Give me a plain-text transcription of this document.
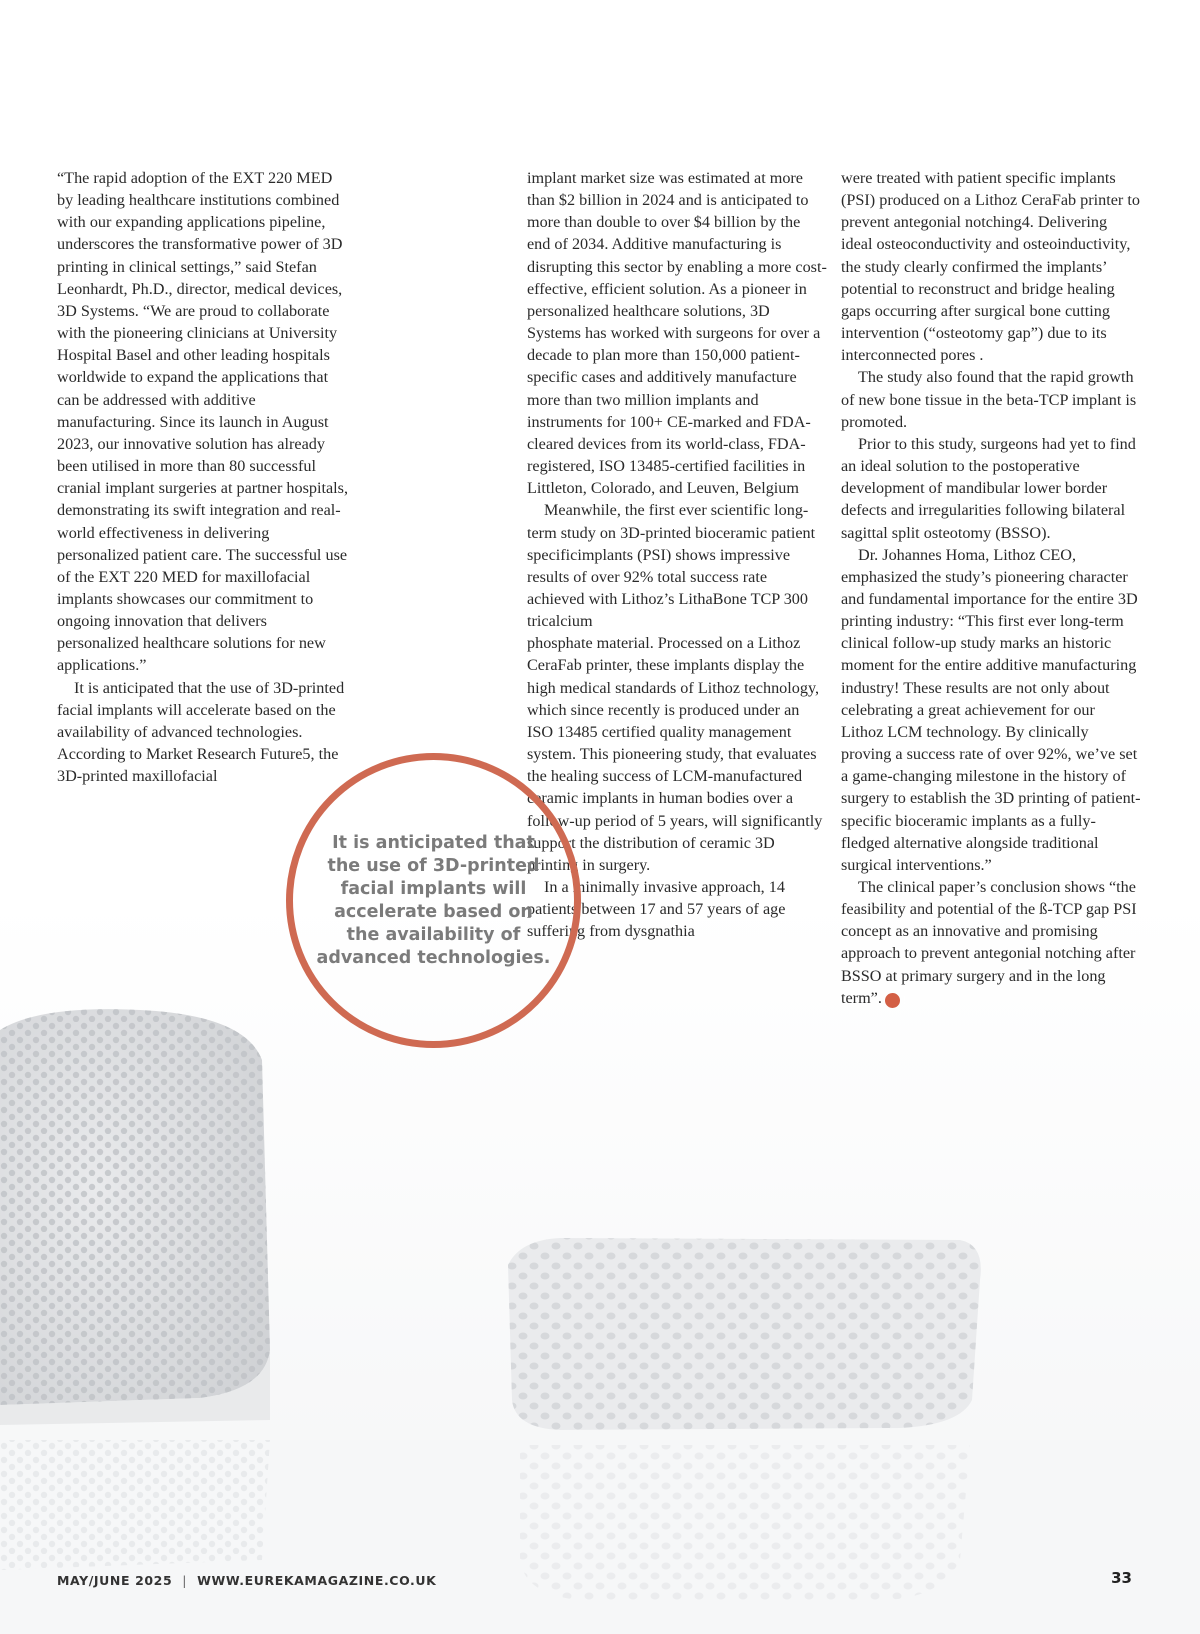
“The rapid adoption of the EXT 220 MED by leading healthcare institutions combined with our expanding applications pipeline, underscores the transformative power of 3D printing in clinical settings,” said Stefan Leonhardt, Ph.D., director, medical devices, 3D Systems. “We are proud to collaborate with the pioneering clinicians at University Hospital Basel and other leading hospitals worldwide to expand the applications that can be addressed with additive manufacturing. Since its launch in August 2023, our innovative solution has already been utilised in more than 80 successful cranial implant surgeries at partner hospitals, demonstrating its swift integration and real-world effectiveness in delivering personalized patient care. The successful use of the EXT 220 MED for maxillofacial implants showcases our commitment to ongoing innovation that delivers personalized healthcare solutions for new applications.”

It is anticipated that the use of 3D-printed facial implants will accelerate based on the availability of advanced technologies. According to Market Research Future5, the 3D-printed maxillofacial

implant market size was estimated at more than $2 billion in 2024 and is anticipated to more than double to over $4 billion by the end of 2034. Additive manufacturing is disrupting this sector by enabling a more cost-effective, efficient solution. As a pioneer in personalized healthcare solutions, 3D Systems has worked with surgeons for over a decade to plan more than 150,000 patient-specific cases and additively manufacture more than two million implants and instruments for 100+ CE-marked and FDA-cleared devices from its world-class, FDA-registered, ISO 13485-certified facilities in Littleton, Colorado, and Leuven, Belgium

Meanwhile, the first ever scientific long-term study on 3D-printed bioceramic patient specificimplants (PSI) shows impressive results of over 92% total success rate achieved with Lithoz’s LithaBone TCP 300 tricalcium

phosphate material. Processed on a Lithoz CeraFab printer, these implants display the high medical standards of Lithoz technology, which since recently is produced under an ISO 13485 certified quality management system. This pioneering study, that evaluates the healing success of LCM-manufactured ceramic implants in human bodies over a follow-up period of 5 years, will significantly support the distribution of ceramic 3D printing in surgery.

In a minimally invasive approach, 14 patients between 17 and 57 years of age suffering from dysgnathia

were treated with patient specific implants (PSI) produced on a Lithoz CeraFab printer to prevent antegonial notching4. Delivering ideal osteoconductivity and osteoinductivity, the study clearly confirmed the implants’ potential to reconstruct and bridge healing gaps occurring after surgical bone cutting intervention (“osteotomy gap”) due to its interconnected pores .

The study also found that the rapid growth of new bone tissue in the beta-TCP implant is promoted.

Prior to this study, surgeons had yet to find an ideal solution to the postoperative development of mandibular lower border defects and irregularities following bilateral sagittal split osteotomy (BSSO).

Dr. Johannes Homa, Lithoz CEO, emphasized the study’s pioneering character and fundamental importance for the entire 3D printing industry: “This first ever long-term clinical follow-up study marks an historic moment for the entire additive manufacturing industry! These results are not only about celebrating a great achievement for our Lithoz LCM technology. By clinically proving a success rate of over 92%, we’ve set a game-changing milestone in the history of surgery to establish the 3D printing of patient-specific bioceramic implants as a fully-fledged alternative alongside traditional surgical interventions.”

The clinical paper’s conclusion shows “the feasibility and potential of the ß-TCP gap PSI concept as an innovative and promising approach to prevent antegonial notching after BSSO at primary surgery and in the long term”. !

It is anticipated that the use of 3D-printed facial implants will accelerate based on the availability of advanced technologies.
MAY/JUNE 2025 | WWW.EUREKAMAGAZINE.CO.UK	33
